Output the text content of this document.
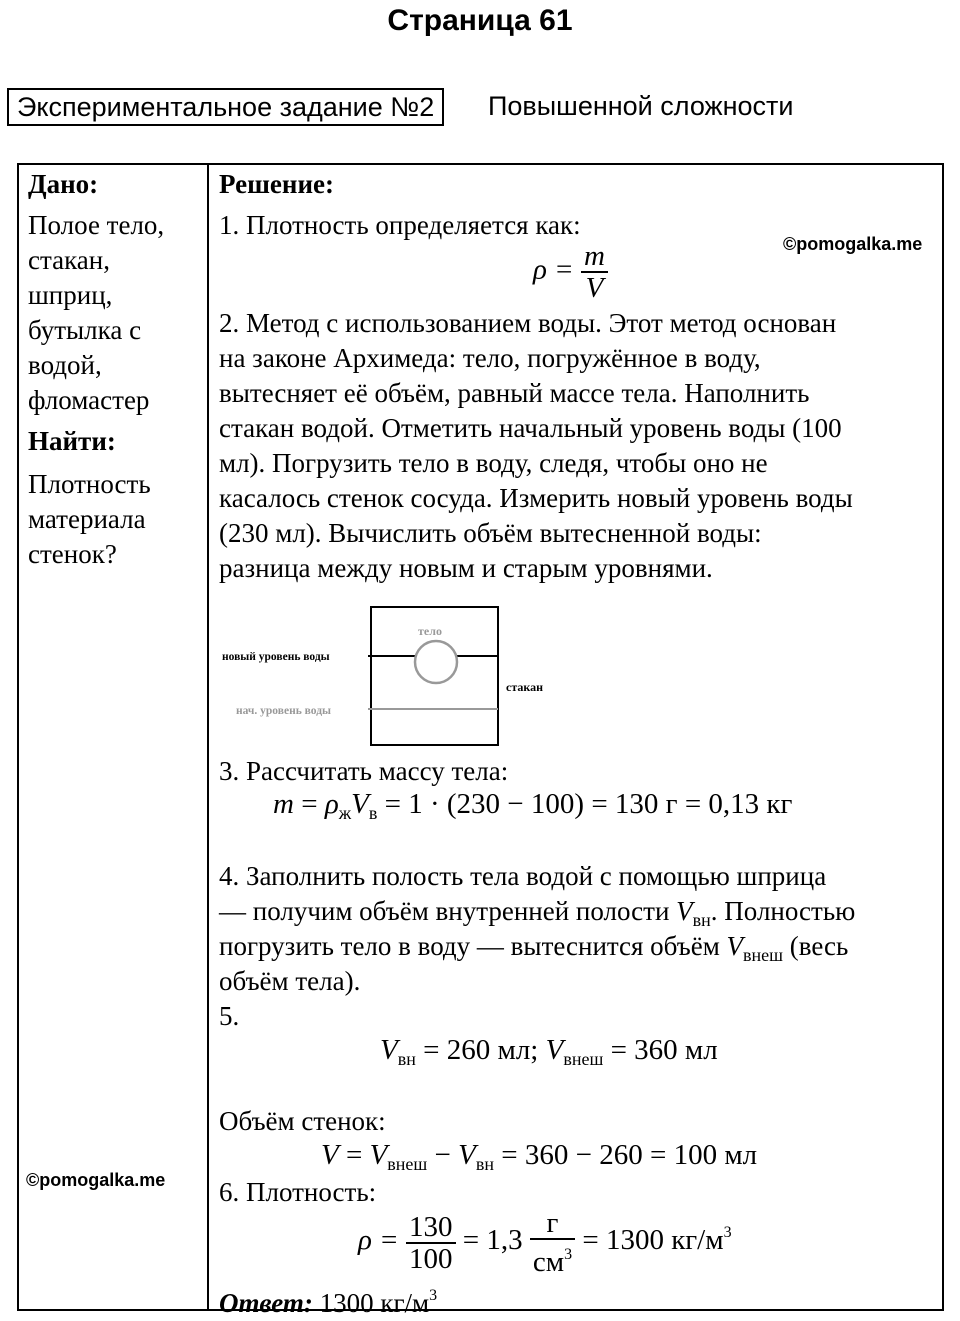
Страница 61
Экспериментальное задание №2	Повышенной сложности
Дано:
Полое тело,
стакан,
шприц,
бутылка с
водой,
фломастер
Найти:
Плотность
материала
стенок?
©pomogalka.me
Решение:
1. Плотность определяется как:
©pomogalka.me
$\rho = \frac{m}{V}$
2. Метод с использованием воды. Этот метод основан
на законе Архимеда: тело, погружённое в воду,
вытесняет её объём, равный массе тела. Наполнить
стакан водой. Отметить начальный уровень воды (100
мл). Погрузить тело в воду, следя, чтобы оно не
касалось стенок сосуда. Измерить новый уровень воды
(230 мл). Вычислить объём вытесненной воды:
разница между новым и старым уровнями.
тело
новый уровень воды
стакан
нач. уровень воды
3. Рассчитать массу тела:
$m = \rho_жV_в = 1 \cdot (230 - 100) = 130$ г = 0,13 кг
4. Заполнить полость тела водой с помощью шприца
— получим объём внутренней полости $V_{вн}$. Полностью
погрузить тело в воду — вытеснится объём $V_{внеш}$ (весь
объём тела).
5.
$V_{вн} = 260$ мл; $V_{внеш} = 360$ мл
Объём стенок:
$V = V_{внеш} - V_{вн} = 360 - 260 = 100$ мл
6. Плотность:
$\rho = \frac{130}{100} = 1,3 \frac{г}{см^3} = 1300$ $кг/м^3$
Ответ: 1300 $кг/м^3$
